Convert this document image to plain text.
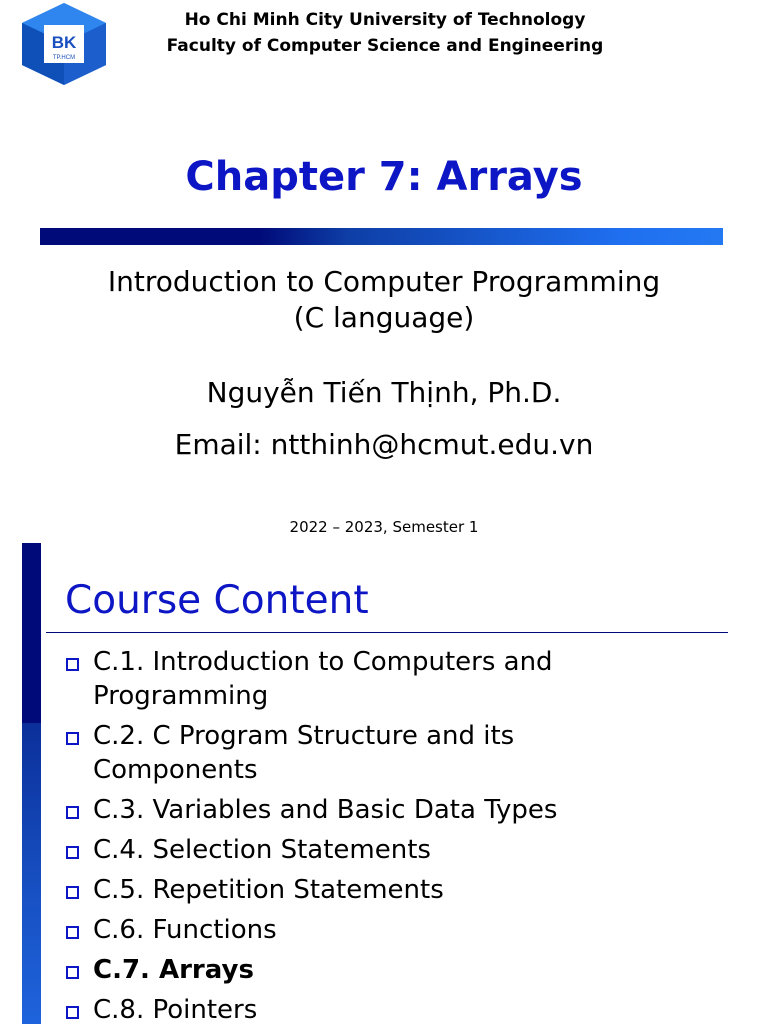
BK
TP.HCM
Ho Chi Minh City University of Technology
Faculty of Computer Science and Engineering
Chapter 7: Arrays
Introduction to Computer Programming
(C language)
Nguyễn Tiến Thịnh, Ph.D.
Email: ntthinh@hcmut.edu.vn
2022 – 2023, Semester 1
Course Content
C.1. Introduction to Computers and
Programming
C.2. C Program Structure and its
Components
C.3. Variables and Basic Data Types
C.4. Selection Statements
C.5. Repetition Statements
C.6. Functions
C.7. Arrays
C.8. Pointers
